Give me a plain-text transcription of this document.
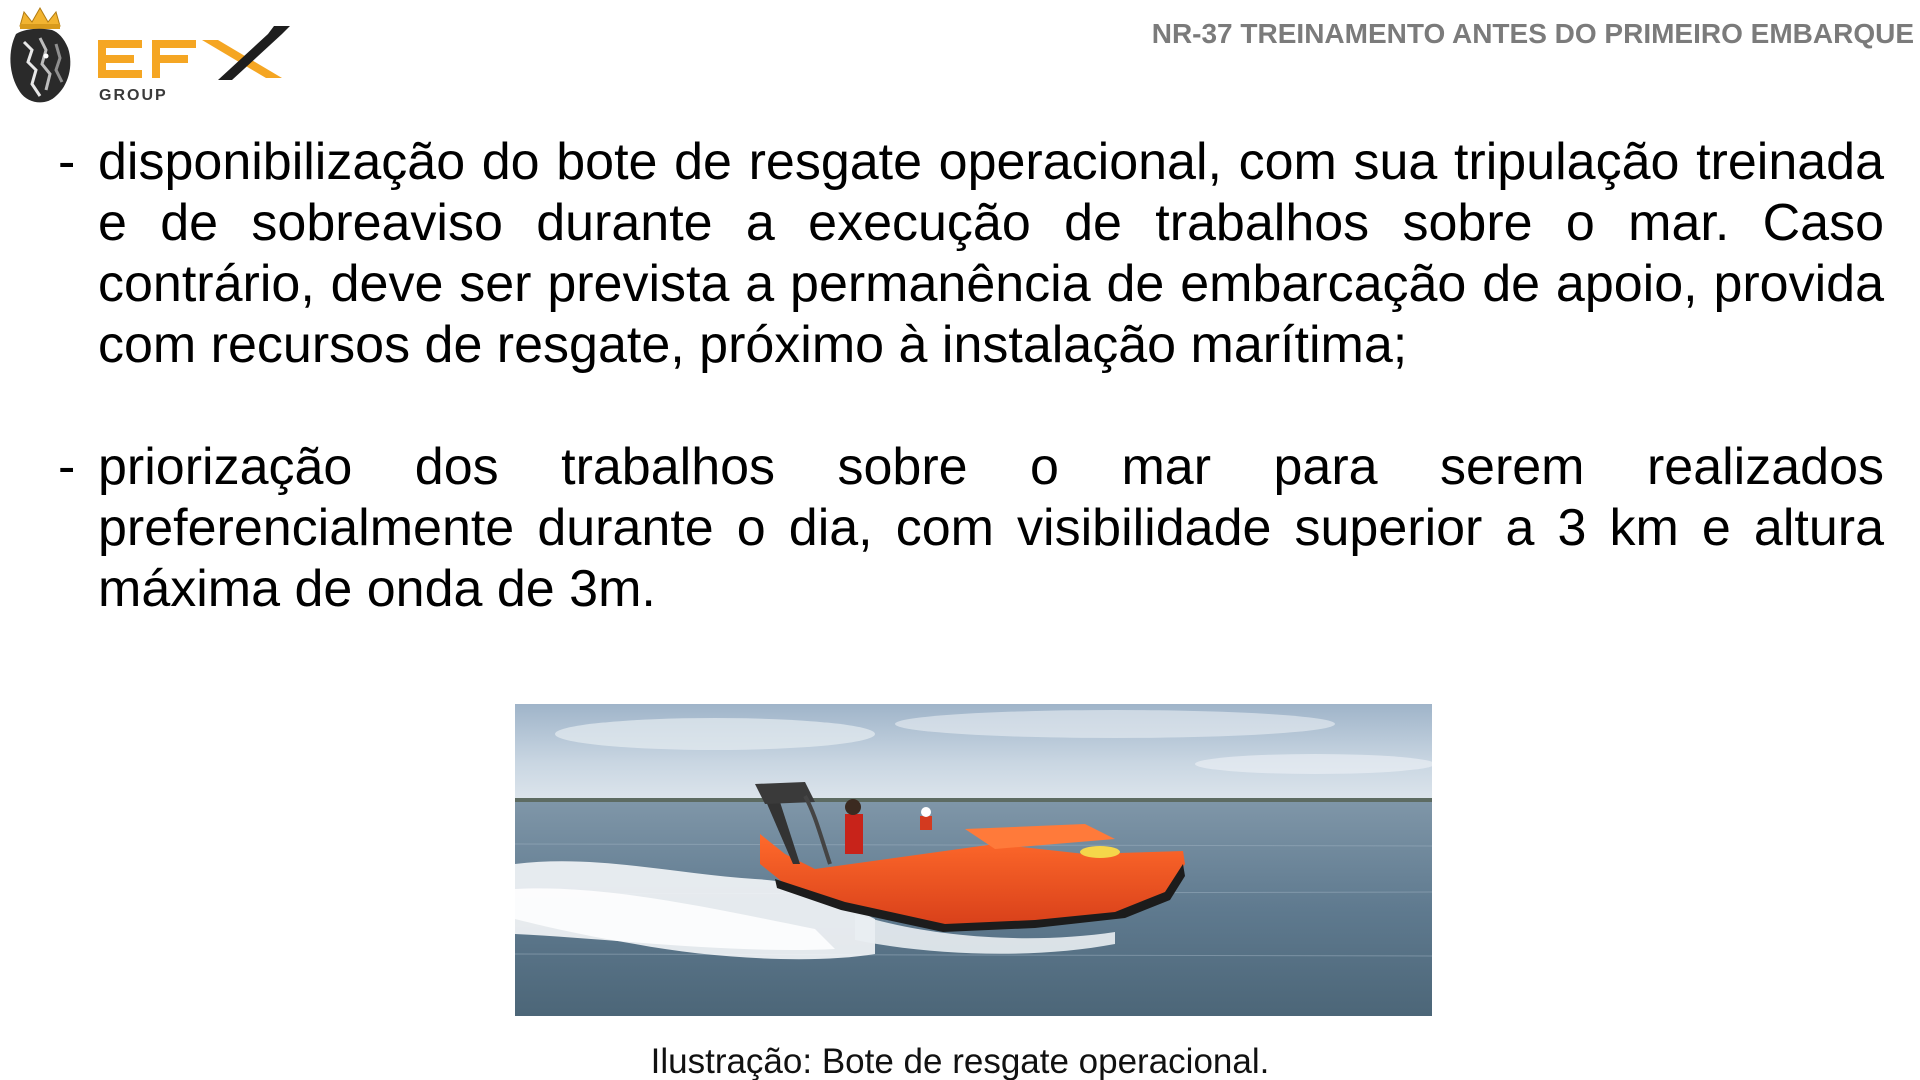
GROUP
NR-37 TREINAMENTO ANTES DO PRIMEIRO EMBARQUE
- disponibilização do bote de resgate operacional, com sua tripulação treinada e de sobreaviso durante a execução de trabalhos sobre o mar. Caso contrário, deve ser prevista a permanência de embarcação de apoio, provida com recursos de resgate, próximo à instalação marítima;
- priorização dos trabalhos sobre o mar para serem realizados preferencialmente durante o dia, com visibilidade superior a 3 km e altura máxima de onda de 3m.
Ilustração: Bote de resgate operacional.
